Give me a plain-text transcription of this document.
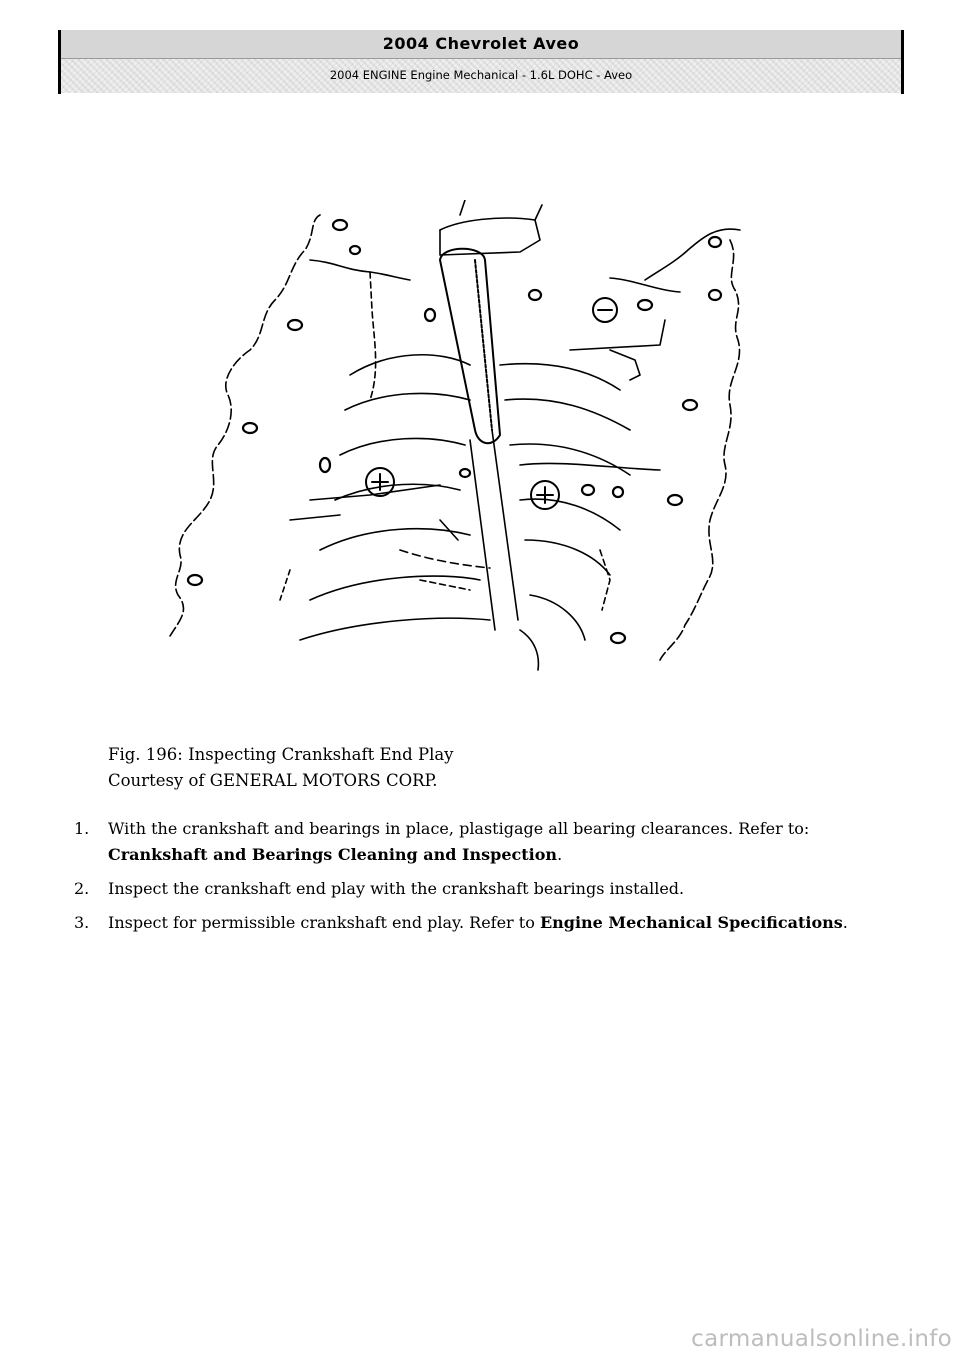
2004 Chevrolet Aveo
2004 ENGINE Engine Mechanical - 1.6L DOHC - Aveo
Fig. 196: Inspecting Crankshaft End Play
Courtesy of GENERAL MOTORS CORP.
1. With the crankshaft and bearings in place, plastigage all bearing clearances. Refer to: Crankshaft and Bearings Cleaning and Inspection.
2. Inspect the crankshaft end play with the crankshaft bearings installed.
3. Inspect for permissible crankshaft end play. Refer to Engine Mechanical Specifications.
carmanualsonline.info
